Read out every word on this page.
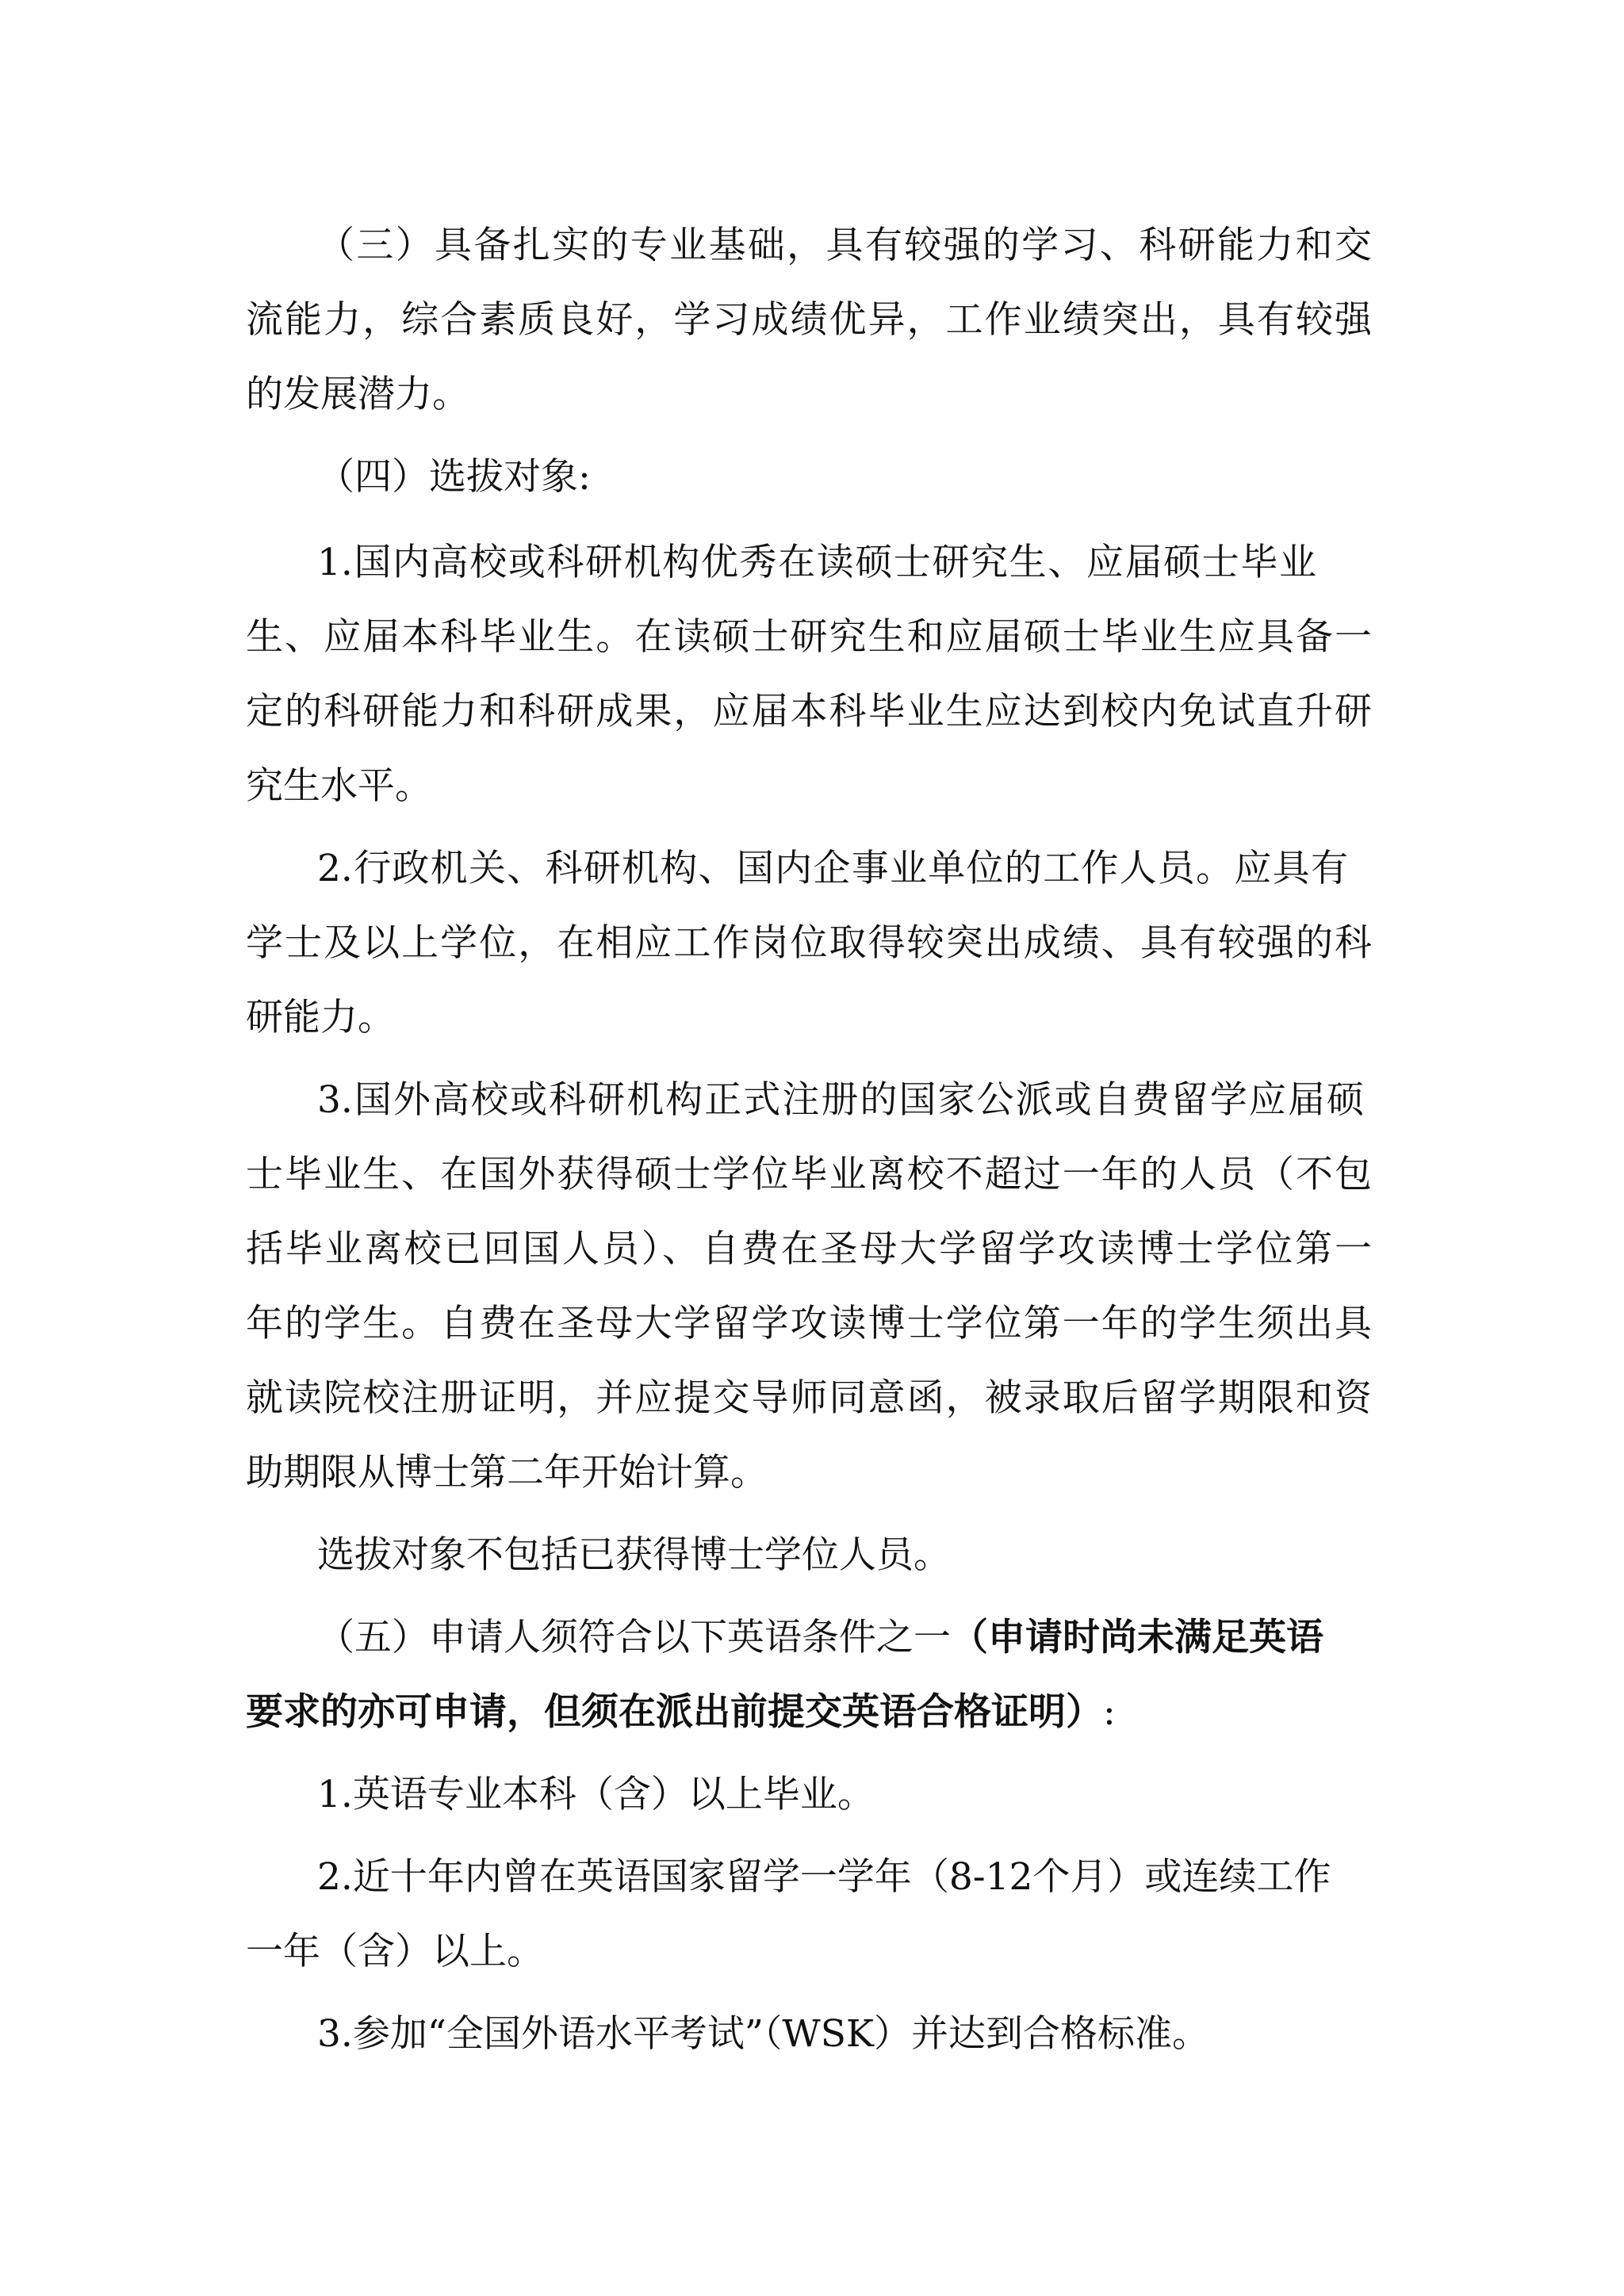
（三）具备扎实的专业基础，具有较强的学习、科研能力和交
流能力，综合素质良好，学习成绩优异，工作业绩突出，具有较强
的发展潜力。
（四）选拔对象:
1.国内高校或科研机构优秀在读硕士研究生、应届硕士毕业
生、应届本科毕业生。在读硕士研究生和应届硕士毕业生应具备一
定的科研能力和科研成果，应届本科毕业生应达到校内免试直升研
究生水平。
2.行政机关、科研机构、国内企事业单位的工作人员。应具有
学士及以上学位，在相应工作岗位取得较突出成绩、具有较强的科
研能力。
3.国外高校或科研机构正式注册的国家公派或自费留学应届硕
士毕业生、在国外获得硕士学位毕业离校不超过一年的人员（不包
括毕业离校已回国人员）、自费在圣母大学留学攻读博士学位第一
年的学生。自费在圣母大学留学攻读博士学位第一年的学生须出具
就读院校注册证明，并应提交导师同意函，被录取后留学期限和资
助期限从博士第二年开始计算。
选拔对象不包括已获得博士学位人员。
（五）申请人须符合以下英语条件之一（申请时尚未满足英语
要求的亦可申请，但须在派出前提交英语合格证明）:
1.英语专业本科（含）以上毕业。
2.近十年内曾在英语国家留学一学年（8-12个月）或连续工作
一年（含）以上。
3.参加“全国外语水平考试”（WSK）并达到合格标准。
